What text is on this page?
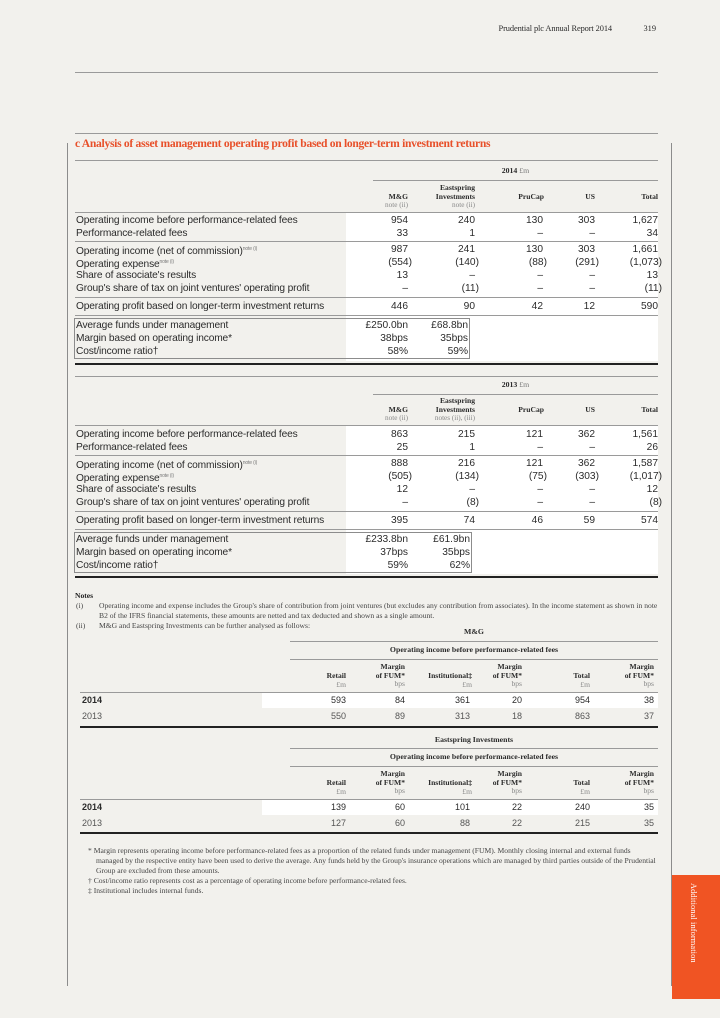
Prudential plc Annual Report 2014	319
c Analysis of asset management operating profit based on longer-term investment returns
2014 £m
M&G
note (ii)
Eastspring
Investments
note (ii)
PruCap	US	Total
Operating income before performance-related fees	954	240	130	303	1,627
Performance-related fees	33	1	–	–	34
Operating income (net of commission)$^{note (i)}$	987	241	130	303	1,661
Operating expense$^{note (i)}$	(554)	(140)	(88)	(291)	(1,073)
Share of associate's results	13	–	–	–	13
Group's share of tax on joint ventures' operating profit	–	(11)	–	–	(11)
Operating profit based on longer-term investment returns	446	90	42	12	590
Average funds under management	£250.0bn £68.8bn
Margin based on operating income*	38bps	35bps
Cost/income ratio†	58%	59%
2013 £m
M&G
note (ii)
Eastspring
Investments
notes (ii), (iii)
PruCap	US	Total
Operating income before performance-related fees	863	215	121	362	1,561
Performance-related fees	25	1	–	–	26
Operating income (net of commission)$^{note (i)}$	888	216	121	362	1,587
Operating expense$^{note (i)}$	(505)	(134)	(75)	(303)	(1,017)
Share of associate's results	12	–	–	–	12
Group's share of tax on joint ventures' operating profit	–	(8)	–	–	(8)
Operating profit based on longer-term investment returns	395	74	46	59	574
Average funds under management	£233.8bn £61.9bn
Margin based on operating income*	37bps	35bps
Cost/income ratio†	59%	62%
Notes
(i) Operating income and expense includes the Group's share of contribution from joint ventures (but excludes any contribution from associates). In the income statement as shown in note B2 of the IFRS financial statements, these amounts are netted and tax deducted and shown as a single amount.
(ii) M&G and Eastspring Investments can be further analysed as follows:
M&G
Operating income before performance-related fees
Retail
£m
Margin
of FUM*
bps
Institutional‡
£m
Margin
of FUM*
bps
Total
£m
Margin
of FUM*
bps
2014	593	84	361	20	954	38
2013	550	89	313	18	863	37
Eastspring Investments
Operating income before performance-related fees
Retail
£m
Margin
of FUM*
bps
Institutional‡
£m
Margin
of FUM*
bps
Total
£m
Margin
of FUM*
bps
2014	139	60	101	22	240	35
2013	127	60	88	22	215	35
* Margin represents operating income before performance-related fees as a proportion of the related funds under management (FUM). Monthly closing internal and external funds managed by the respective entity have been used to derive the average. Any funds held by the Group's insurance operations which are managed by third parties outside of the Prudential Group are excluded from these amounts.
† Cost/income ratio represents cost as a percentage of operating income before performance-related fees.
‡ Institutional includes internal funds.	Additional information
